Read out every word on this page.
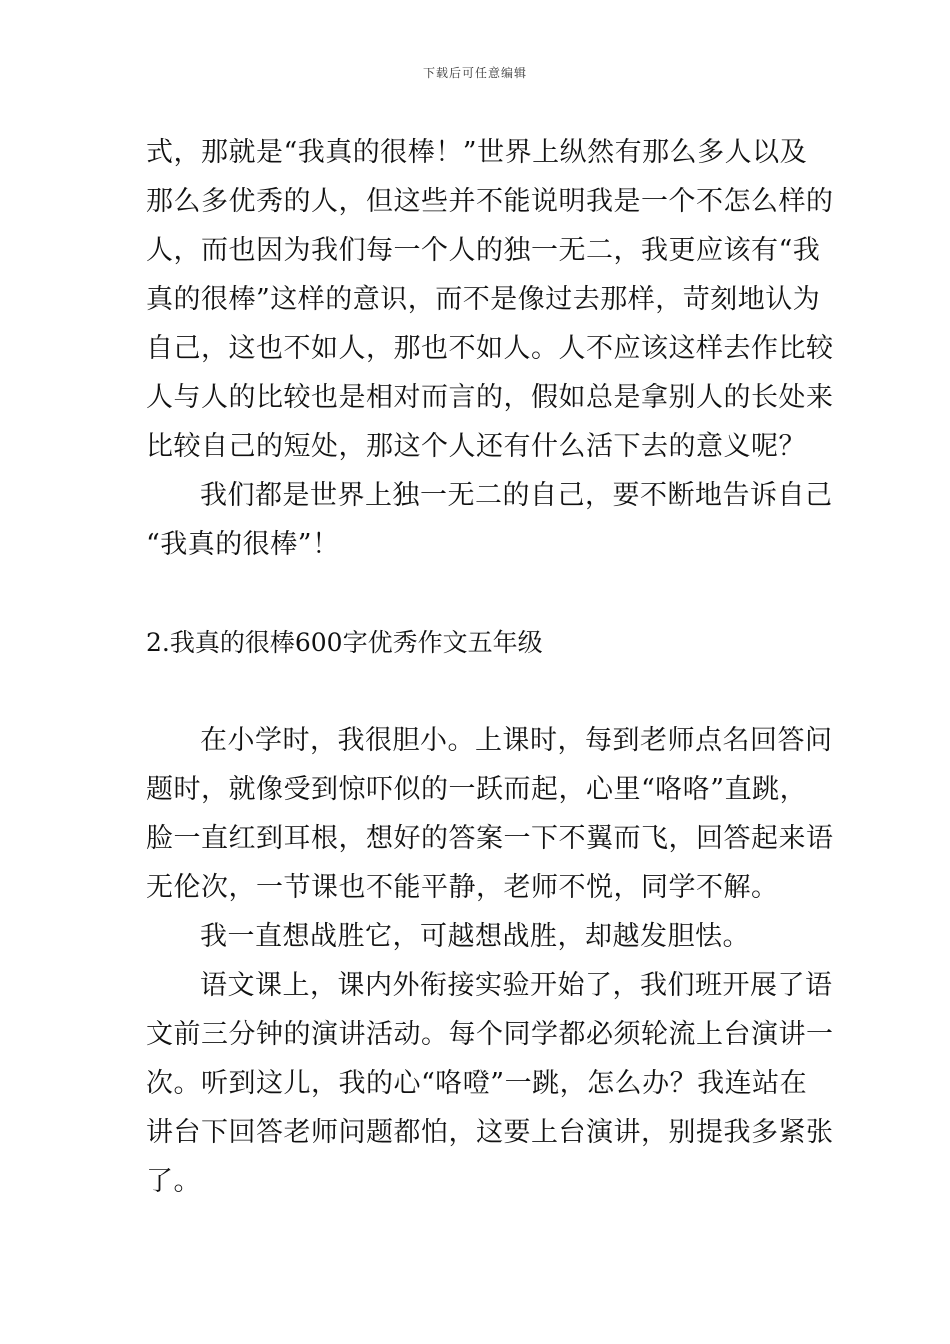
下载后可任意编辑
式，那就是“我真的很棒！”世界上纵然有那么多人以及
那么多优秀的人，但这些并不能说明我是一个不怎么样的
人，而也因为我们每一个人的独一无二，我更应该有“我
真的很棒”这样的意识，而不是像过去那样，苛刻地认为
自己，这也不如人，那也不如人。人不应该这样去作比较
人与人的比较也是相对而言的，假如总是拿别人的长处来
比较自己的短处，那这个人还有什么活下去的意义呢？
我们都是世界上独一无二的自己，要不断地告诉自己
“我真的很棒”！
2.我真的很棒600字优秀作文五年级
在小学时，我很胆小。上课时，每到老师点名回答问
题时，就像受到惊吓似的一跃而起，心里“咯咯”直跳，
脸一直红到耳根，想好的答案一下不翼而飞，回答起来语
无伦次，一节课也不能平静，老师不悦，同学不解。
我一直想战胜它，可越想战胜，却越发胆怯。
语文课上，课内外衔接实验开始了，我们班开展了语
文前三分钟的演讲活动。每个同学都必须轮流上台演讲一
次。听到这儿，我的心“咯噔”一跳，怎么办？我连站在
讲台下回答老师问题都怕，这要上台演讲，别提我多紧张
了。
